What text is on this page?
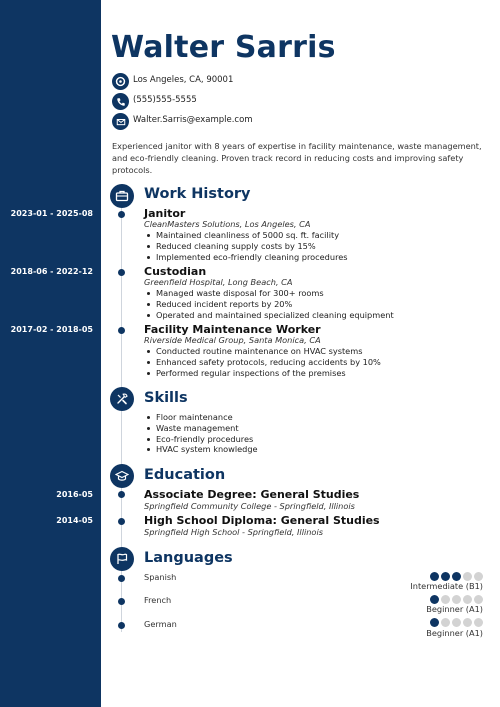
Walter Sarris
Los Angeles, CA, 90001
(555)555-5555
Walter.Sarris@example.com
Experienced janitor with 8 years of expertise in facility maintenance, waste management, and eco-friendly cleaning. Proven track record in reducing costs and improving safety protocols.
Work History
2023-01 - 2025-08	Janitor
CleanMasters Solutions, Los Angeles, CA
Maintained cleanliness of 5000 sq. ft. facility
Reduced cleaning supply costs by 15%
Implemented eco-friendly cleaning procedures
2018-06 - 2022-12	Custodian
Greenfield Hospital, Long Beach, CA
Managed waste disposal for 300+ rooms
Reduced incident reports by 20%
Operated and maintained specialized cleaning equipment
2017-02 - 2018-05	Facility Maintenance Worker
Riverside Medical Group, Santa Monica, CA
Conducted routine maintenance on HVAC systems
Enhanced safety protocols, reducing accidents by 10%
Performed regular inspections of the premises
Skills
Floor maintenance
Waste management
Eco-friendly procedures
HVAC system knowledge
Education
2016-05	Associate Degree: General Studies
Springfield Community College - Springfield, Illinois
2014-05	High School Diploma: General Studies
Springfield High School - Springfield, Illinois
Languages
Spanish
Intermediate (B1)
French
Beginner (A1)
German
Beginner (A1)
